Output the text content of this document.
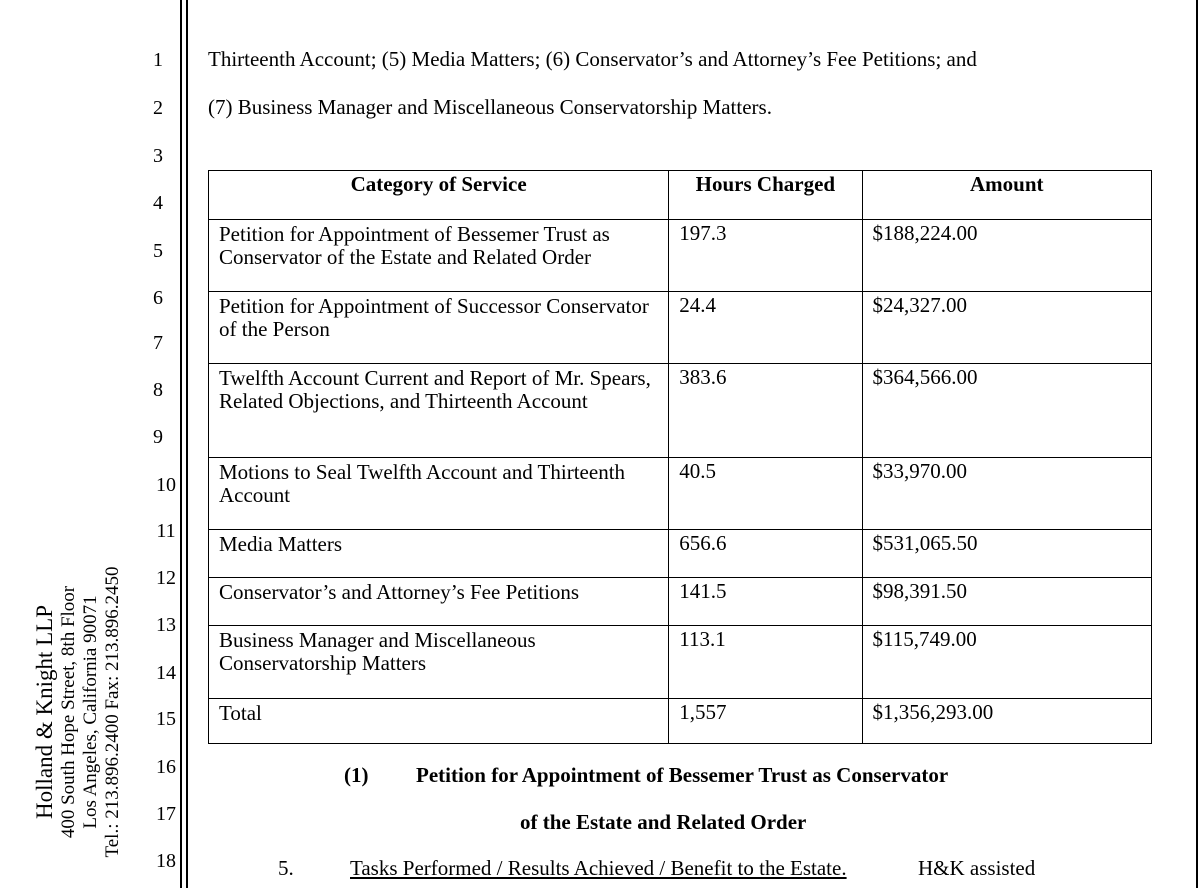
Holland & Knight LLP 400 South Hope Street, 8th Floor Los Angeles, California 90071 Tel.: 213.896.2400 Fax: 213.896.2450
1
2
3
4
5
6
7
8
9
10
11
12
13
14
15
16
17
18
Thirteenth Account; (5) Media Matters; (6) Conservator’s and Attorney’s Fee Petitions; and
(7) Business Manager and Miscellaneous Conservatorship Matters.
Category of Service	Hours Charged	Amount
Petition for Appointment of Bessemer Trust as Conservator of the Estate and Related Order	197.3	$188,224.00
Petition for Appointment of Successor Conservator of the Person	24.4	$24,327.00
Twelfth Account Current and Report of Mr. Spears, Related Objections, and Thirteenth Account	383.6	$364,566.00
Motions to Seal Twelfth Account and Thirteenth Account	40.5	$33,970.00
Media Matters	656.6	$531,065.50
Conservator’s and Attorney’s Fee Petitions	141.5	$98,391.50
Business Manager and Miscellaneous Conservatorship Matters	113.1	$115,749.00
Total	1,557	$1,356,293.00
(1) Petition for Appointment of Bessemer Trust as Conservator
of the Estate and Related Order
5.	Tasks Performed / Results Achieved / Benefit to the Estate.	H&K assisted
